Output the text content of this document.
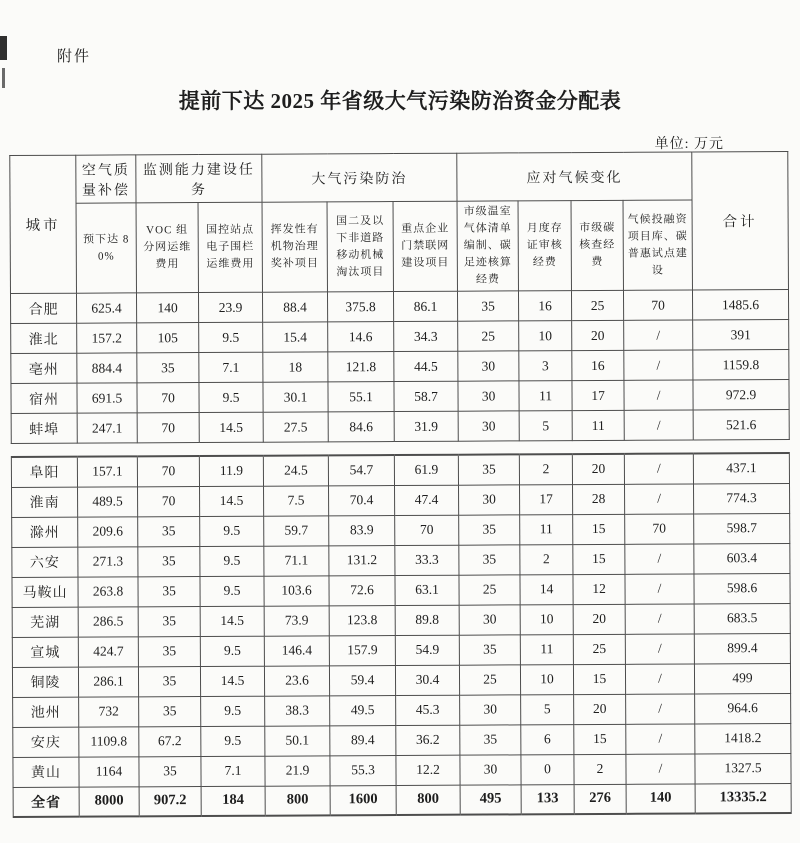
附件
提前下达 2025 年省级大气污染防治资金分配表
单位: 万元
城市	空气质量补偿	监测能力建设任务		大气污染防治			应对气候变化				合计
	预下达 80%	VOC 组分网运维费用	国控站点电子围栏运维费用	挥发性有机物治理奖补项目	国二及以下非道路移动机械淘汰项目	重点企业门禁联网建设项目	市级温室气体清单编制、碳足迹核算经费	月度存证审核经费	市级碳核查经费	气候投融资项目库、碳普惠试点建设	
合肥	625.4	140	23.9	88.4	375.8	86.1	35	16	25	70	1485.6
淮北	157.2	105	9.5	15.4	14.6	34.3	25	10	20	/	391
亳州	884.4	35	7.1	18	121.8	44.5	30	3	16	/	1159.8
宿州	691.5	70	9.5	30.1	55.1	58.7	30	11	17	/	972.9
蚌埠	247.1	70	14.5	27.5	84.6	31.9	30	5	11	/	521.6
阜阳	157.1	70	11.9	24.5	54.7	61.9	35	2	20	/	437.1
淮南	489.5	70	14.5	7.5	70.4	47.4	30	17	28	/	774.3
滁州	209.6	35	9.5	59.7	83.9	70	35	11	15	70	598.7
六安	271.3	35	9.5	71.1	131.2	33.3	35	2	15	/	603.4
马鞍山	263.8	35	9.5	103.6	72.6	63.1	25	14	12	/	598.6
芜湖	286.5	35	14.5	73.9	123.8	89.8	30	10	20	/	683.5
宣城	424.7	35	9.5	146.4	157.9	54.9	35	11	25	/	899.4
铜陵	286.1	35	14.5	23.6	59.4	30.4	25	10	15	/	499
池州	732	35	9.5	38.3	49.5	45.3	30	5	20	/	964.6
安庆	1109.8	67.2	9.5	50.1	89.4	36.2	35	6	15	/	1418.2
黄山	1164	35	7.1	21.9	55.3	12.2	30	0	2	/	1327.5
全省	8000	907.2	184	800	1600	800	495	133	276	140	13335.2
